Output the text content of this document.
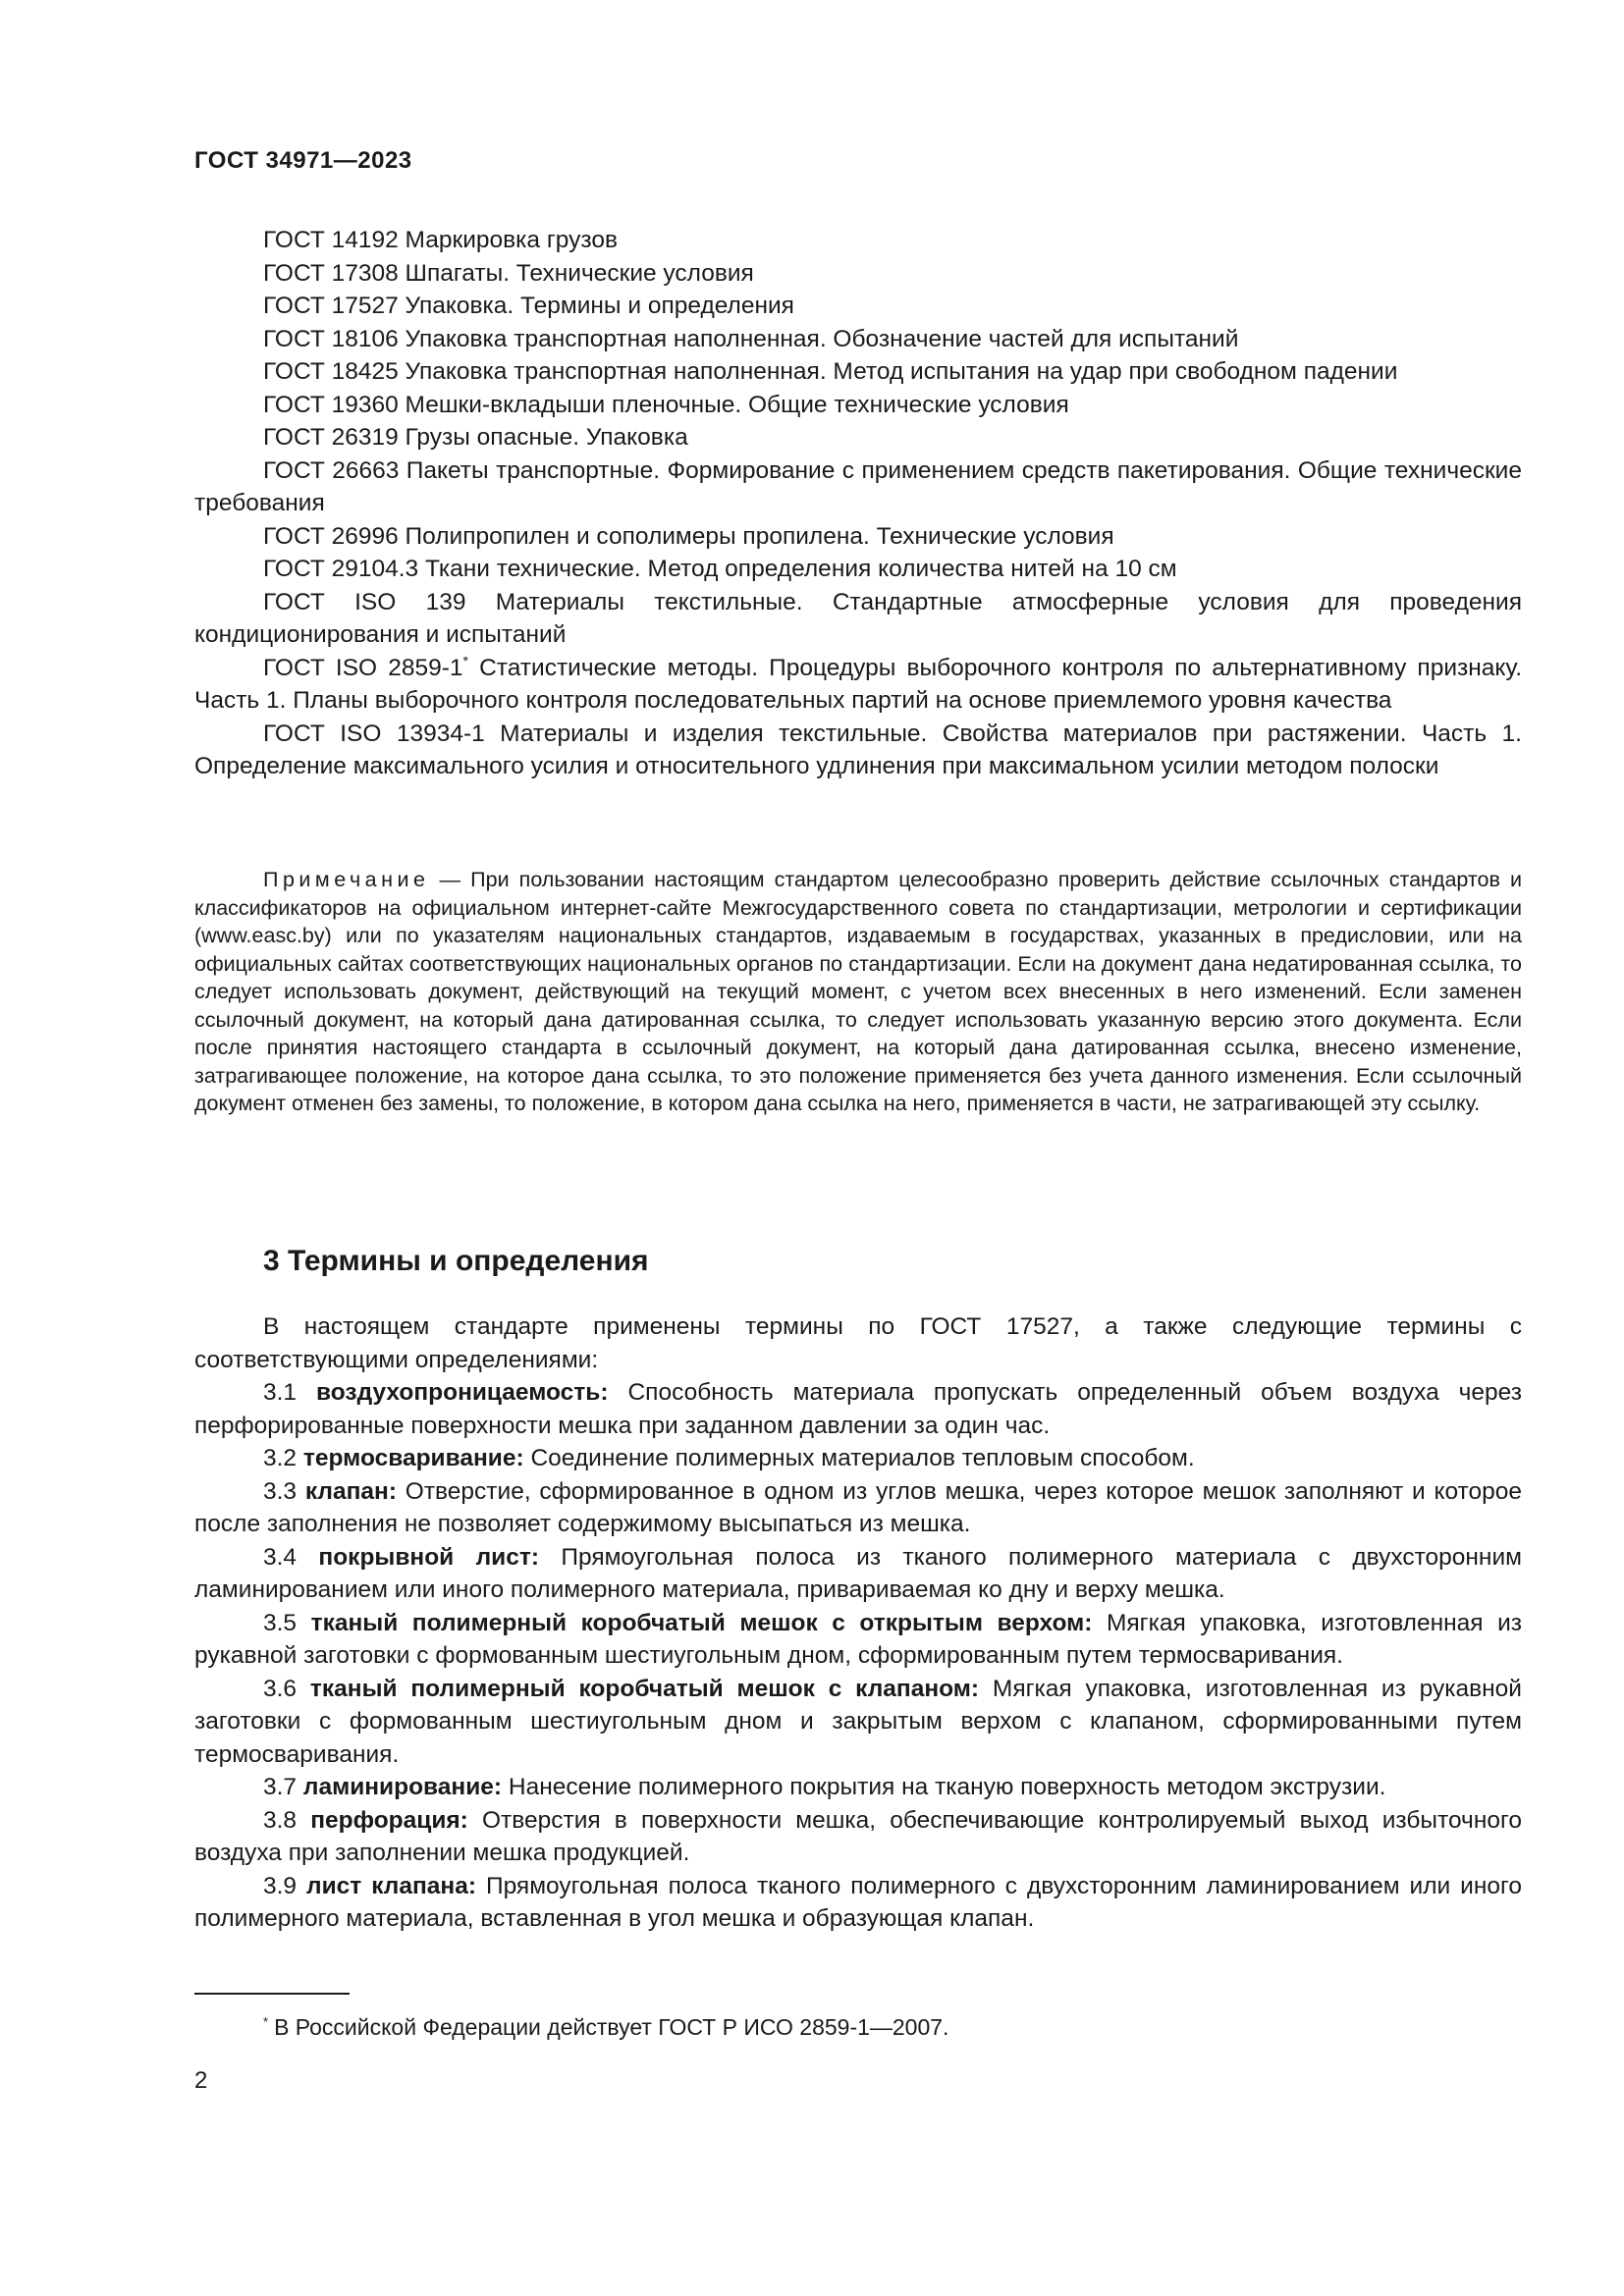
ГОСТ 34971—2023

ГОСТ 14192 Маркировка грузов

ГОСТ 17308 Шпагаты. Технические условия

ГОСТ 17527 Упаковка. Термины и определения

ГОСТ 18106 Упаковка транспортная наполненная. Обозначение частей для испытаний

ГОСТ 18425 Упаковка транспортная наполненная. Метод испытания на удар при свободном падении

ГОСТ 19360 Мешки-вкладыши пленочные. Общие технические условия

ГОСТ 26319 Грузы опасные. Упаковка

ГОСТ 26663 Пакеты транспортные. Формирование с применением средств пакетирования. Общие технические требования

ГОСТ 26996 Полипропилен и сополимеры пропилена. Технические условия

ГОСТ 29104.3 Ткани технические. Метод определения количества нитей на 10 см

ГОСТ ISO 139 Материалы текстильные. Стандартные атмосферные условия для проведения кондиционирования и испытаний

ГОСТ ISO 2859-1* Статистические методы. Процедуры выборочного контроля по альтернативному признаку. Часть 1. Планы выборочного контроля последовательных партий на основе приемлемого уровня качества

ГОСТ ISO 13934-1 Материалы и изделия текстильные. Свойства материалов при растяжении. Часть 1. Определение максимального усилия и относительного удлинения при максимальном усилии методом полоски

Примечание — При пользовании настоящим стандартом целесообразно проверить действие ссылочных стандартов и классификаторов на официальном интернет-сайте Межгосударственного совета по стандартизации, метрологии и сертификации (www.easc.by) или по указателям национальных стандартов, издаваемым в государствах, указанных в предисловии, или на официальных сайтах соответствующих национальных органов по стандартизации. Если на документ дана недатированная ссылка, то следует использовать документ, действующий на текущий момент, с учетом всех внесенных в него изменений. Если заменен ссылочный документ, на который дана датированная ссылка, то следует использовать указанную версию этого документа. Если после принятия настоящего стандарта в ссылочный документ, на который дана датированная ссылка, внесено изменение, затрагивающее положение, на которое дана ссылка, то это положение применяется без учета данного изменения. Если ссылочный документ отменен без замены, то положение, в котором дана ссылка на него, применяется в части, не затрагивающей эту ссылку.

3 Термины и определения

В настоящем стандарте применены термины по ГОСТ 17527, а также следующие термины с соответствующими определениями:

3.1 воздухопроницаемость: Способность материала пропускать определенный объем воздуха через перфорированные поверхности мешка при заданном давлении за один час.

3.2 термосваривание: Соединение полимерных материалов тепловым способом.

3.3 клапан: Отверстие, сформированное в одном из углов мешка, через которое мешок заполняют и которое после заполнения не позволяет содержимому высыпаться из мешка.

3.4 покрывной лист: Прямоугольная полоса из тканого полимерного материала с двухсторонним ламинированием или иного полимерного материала, привариваемая ко дну и верху мешка.

3.5 тканый полимерный коробчатый мешок с открытым верхом: Мягкая упаковка, изготовленная из рукавной заготовки с формованным шестиугольным дном, сформированным путем термосваривания.

3.6 тканый полимерный коробчатый мешок с клапаном: Мягкая упаковка, изготовленная из рукавной заготовки с формованным шестиугольным дном и закрытым верхом с клапаном, сформированными путем термосваривания.

3.7 ламинирование: Нанесение полимерного покрытия на тканую поверхность методом экструзии.

3.8 перфорация: Отверстия в поверхности мешка, обеспечивающие контролируемый выход избыточного воздуха при заполнении мешка продукцией.

3.9 лист клапана: Прямоугольная полоса тканого полимерного с двухсторонним ламинированием или иного полимерного материала, вставленная в угол мешка и образующая клапан.

* В Российской Федерации действует ГОСТ Р ИСО 2859-1—2007.

2
